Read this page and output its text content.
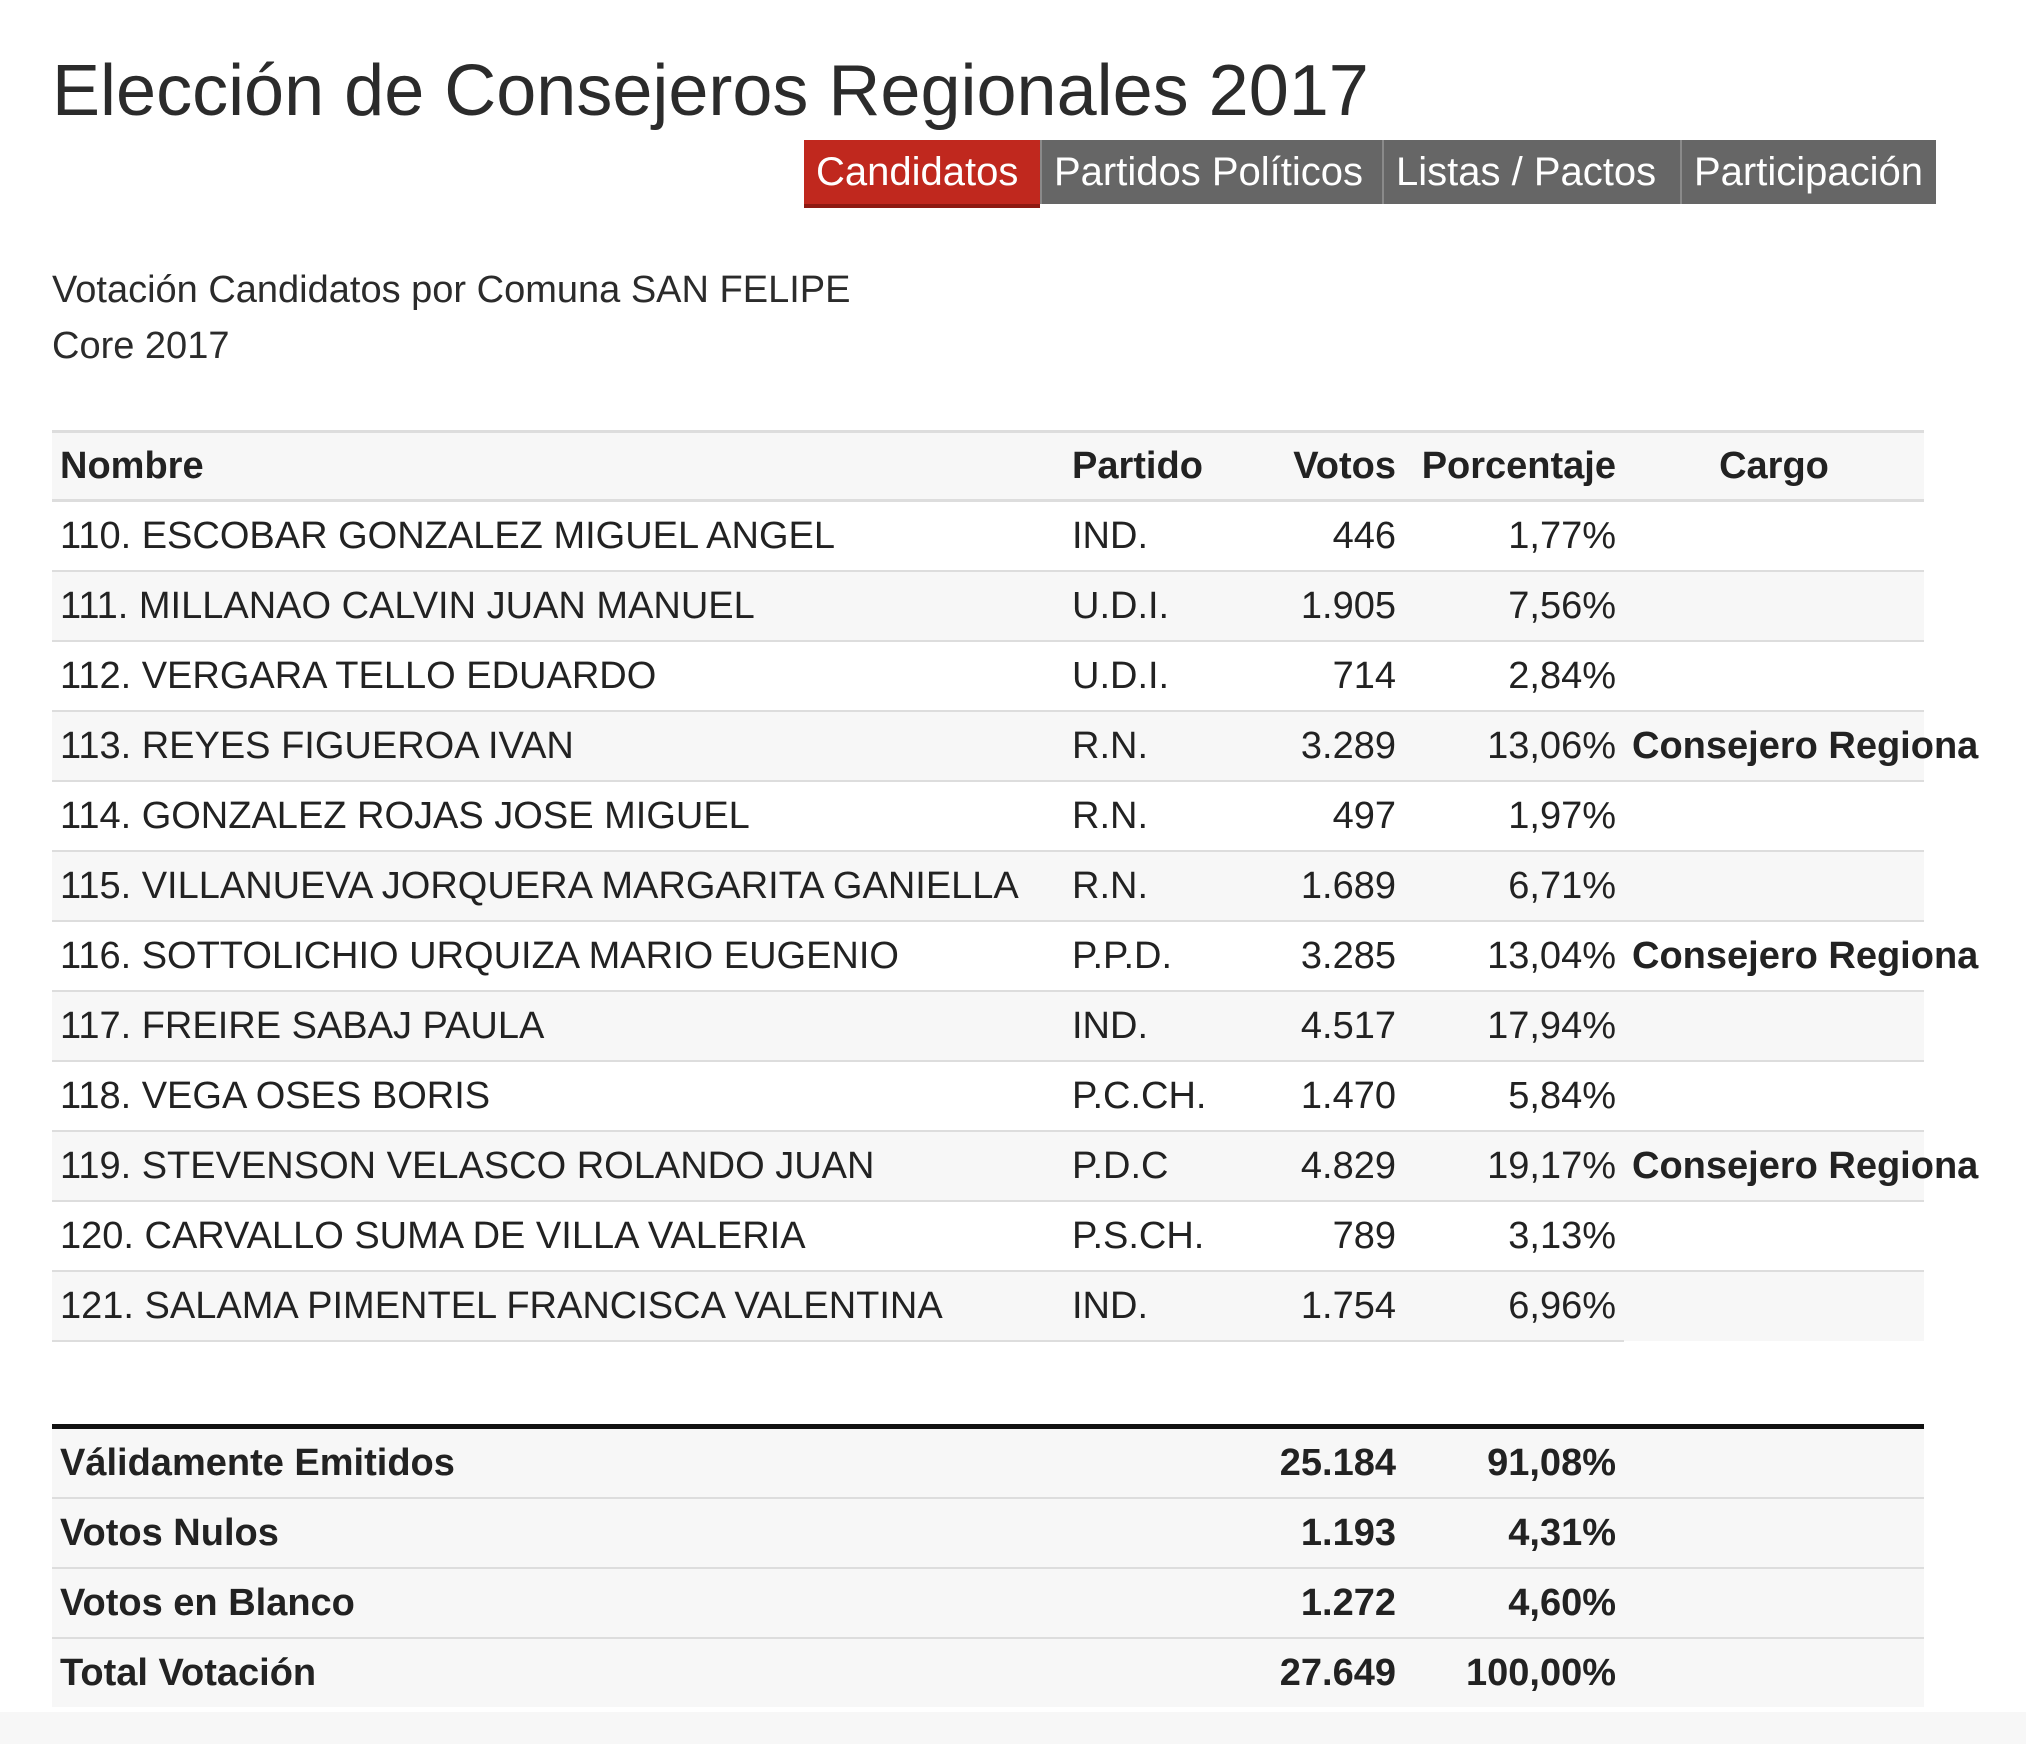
Elección de Consejeros Regionales 2017
Candidatos Partidos Políticos Listas / Pactos Participación
Votación Candidatos por Comuna SAN FELIPE
Core 2017
Nombre	Partido	Votos	Porcentaje	Cargo
110. ESCOBAR GONZALEZ MIGUEL ANGEL	IND.	446	1,77%	
111. MILLANAO CALVIN JUAN MANUEL	U.D.I.	1.905	7,56%	
112. VERGARA TELLO EDUARDO	U.D.I.	714	2,84%	
113. REYES FIGUEROA IVAN	R.N.	3.289	13,06%	Consejero Regiona
114. GONZALEZ ROJAS JOSE MIGUEL	R.N.	497	1,97%	
115. VILLANUEVA JORQUERA MARGARITA GANIELLA	R.N.	1.689	6,71%	
116. SOTTOLICHIO URQUIZA MARIO EUGENIO	P.P.D.	3.285	13,04%	Consejero Regiona
117. FREIRE SABAJ PAULA	IND.	4.517	17,94%	
118. VEGA OSES BORIS	P.C.CH.	1.470	5,84%	
119. STEVENSON VELASCO ROLANDO JUAN	P.D.C	4.829	19,17%	Consejero Regiona
120. CARVALLO SUMA DE VILLA VALERIA	P.S.CH.	789	3,13%	
121. SALAMA PIMENTEL FRANCISCA VALENTINA	IND.	1.754	6,96%	
Válidamente Emitidos		25.184	91,08%	
Votos Nulos		1.193	4,31%	
Votos en Blanco		1.272	4,60%	
Total Votación		27.649	100,00%	
